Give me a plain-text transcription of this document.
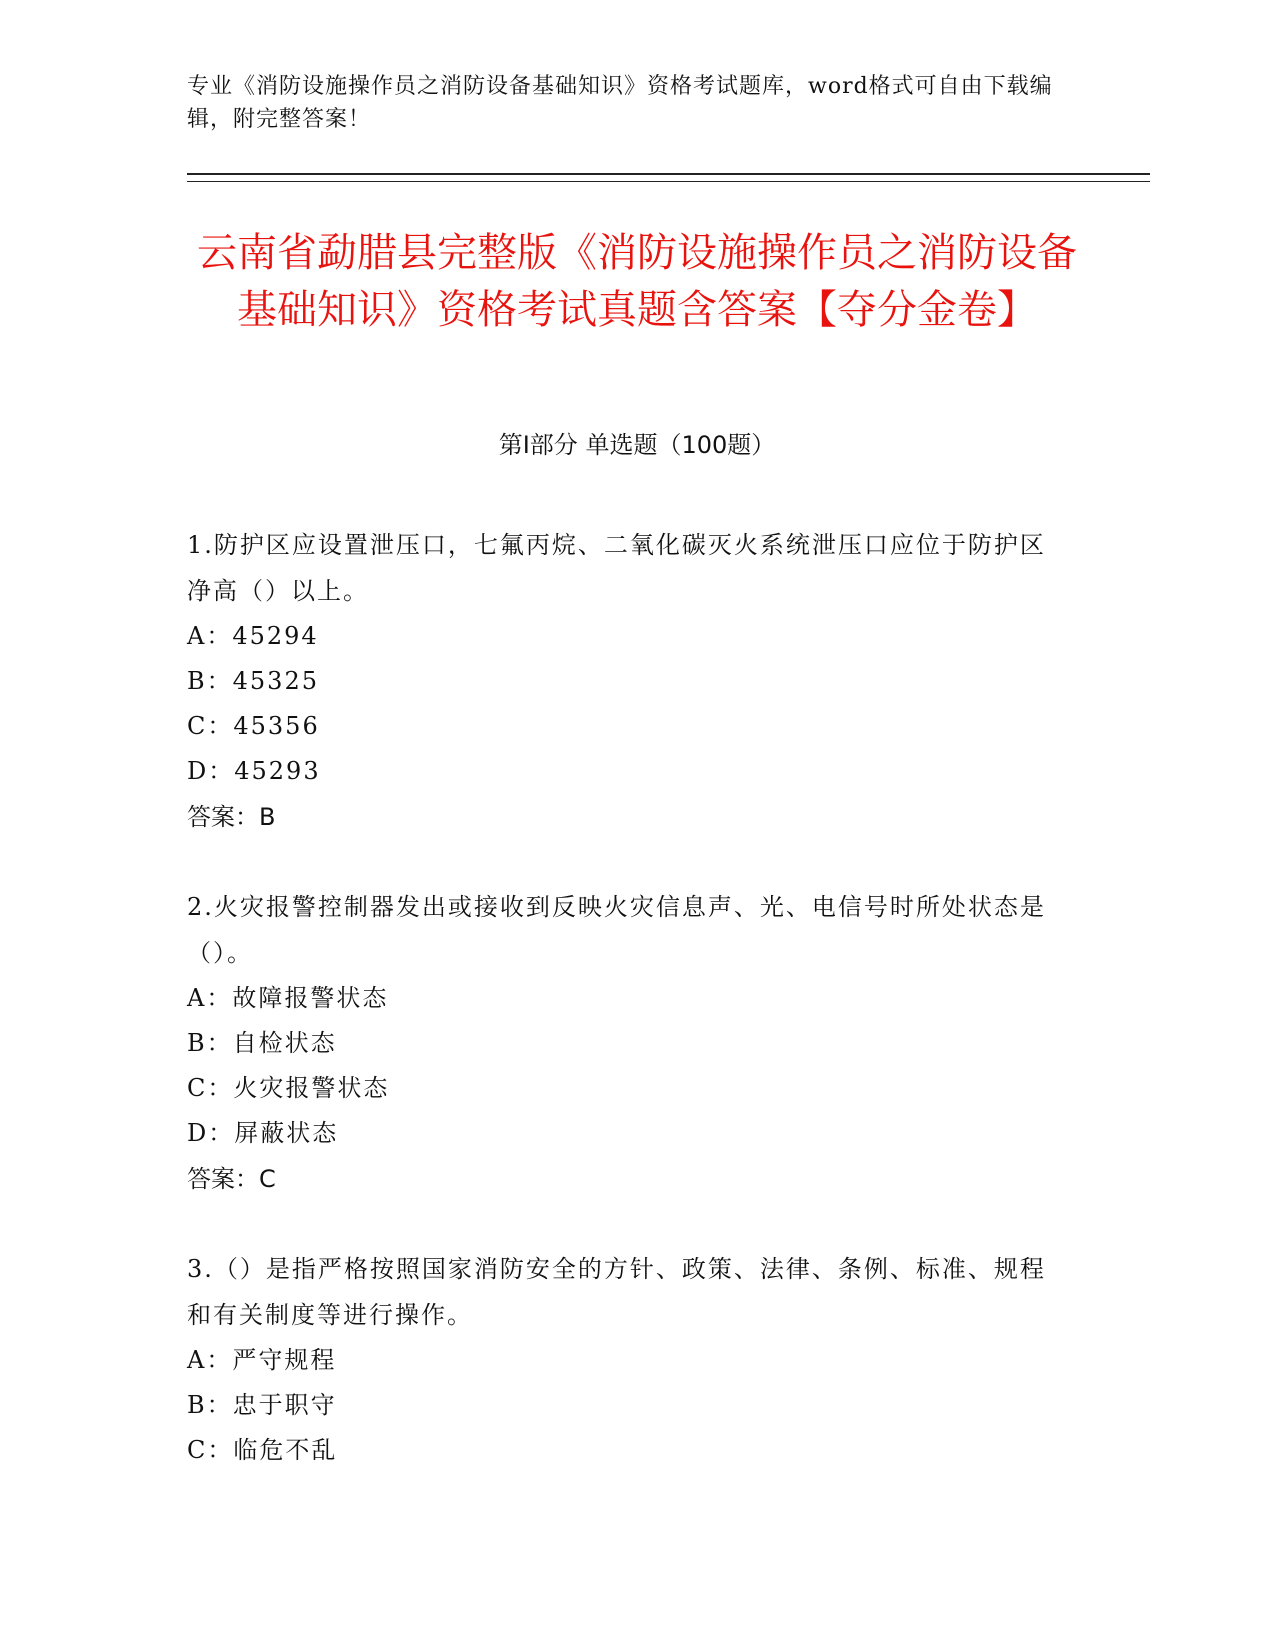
专业《消防设施操作员之消防设备基础知识》资格考试题库，word格式可自由下载编辑，附完整答案！
云南省勐腊县完整版《消防设施操作员之消防设备基础知识》资格考试真题含答案【夺分金卷】
第I部分 单选题（100题）
1.防护区应设置泄压口，七氟丙烷、二氧化碳灭火系统泄压口应位于防护区净高（）以上。
A：45294
B：45325
C：45356
D：45293
答案：B
2.火灾报警控制器发出或接收到反映火灾信息声、光、电信号时所处状态是（）。
A：故障报警状态
B：自检状态
C：火灾报警状态
D：屏蔽状态
答案：C
3.（）是指严格按照国家消防安全的方针、政策、法律、条例、标准、规程和有关制度等进行操作。
A：严守规程
B：忠于职守
C：临危不乱
